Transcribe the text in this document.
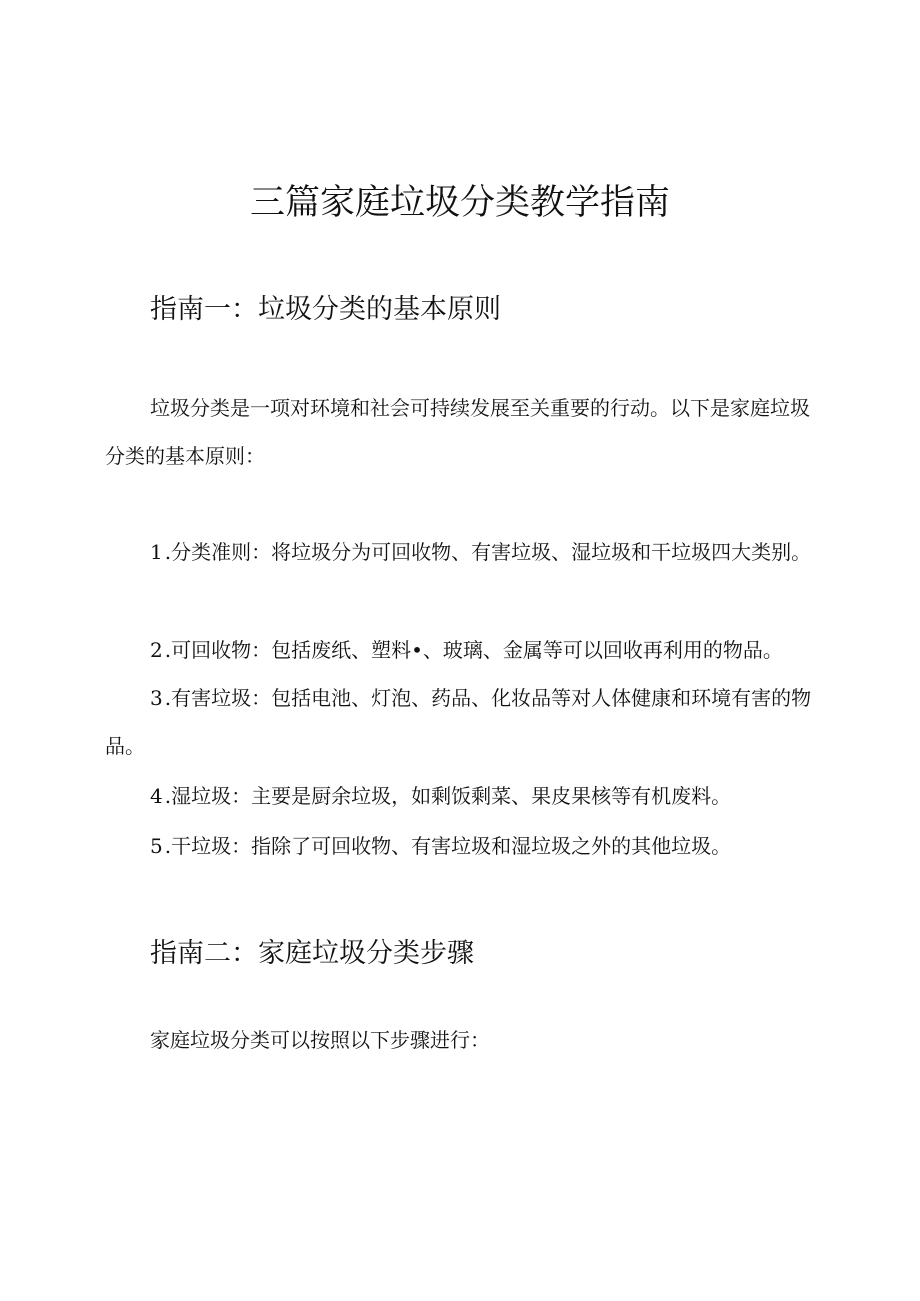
三篇家庭垃圾分类教学指南
指南一：垃圾分类的基本原则

垃圾分类是一项对环境和社会可持续发展至关重要的行动。以下是家庭垃圾分类的基本原则：

1 .分类准则：将垃圾分为可回收物、有害垃圾、湿垃圾和干垃圾四大类别。

2 .可回收物：包括废纸、塑料•、玻璃、金属等可以回收再利用的物品。

3 .有害垃圾：包括电池、灯泡、药品、化妆品等对人体健康和环境有害的物品。

4 .湿垃圾：主要是厨余垃圾，如剩饭剩菜、果皮果核等有机废料。

5 .干垃圾：指除了可回收物、有害垃圾和湿垃圾之外的其他垃圾。

指南二：家庭垃圾分类步骤

家庭垃圾分类可以按照以下步骤进行：
